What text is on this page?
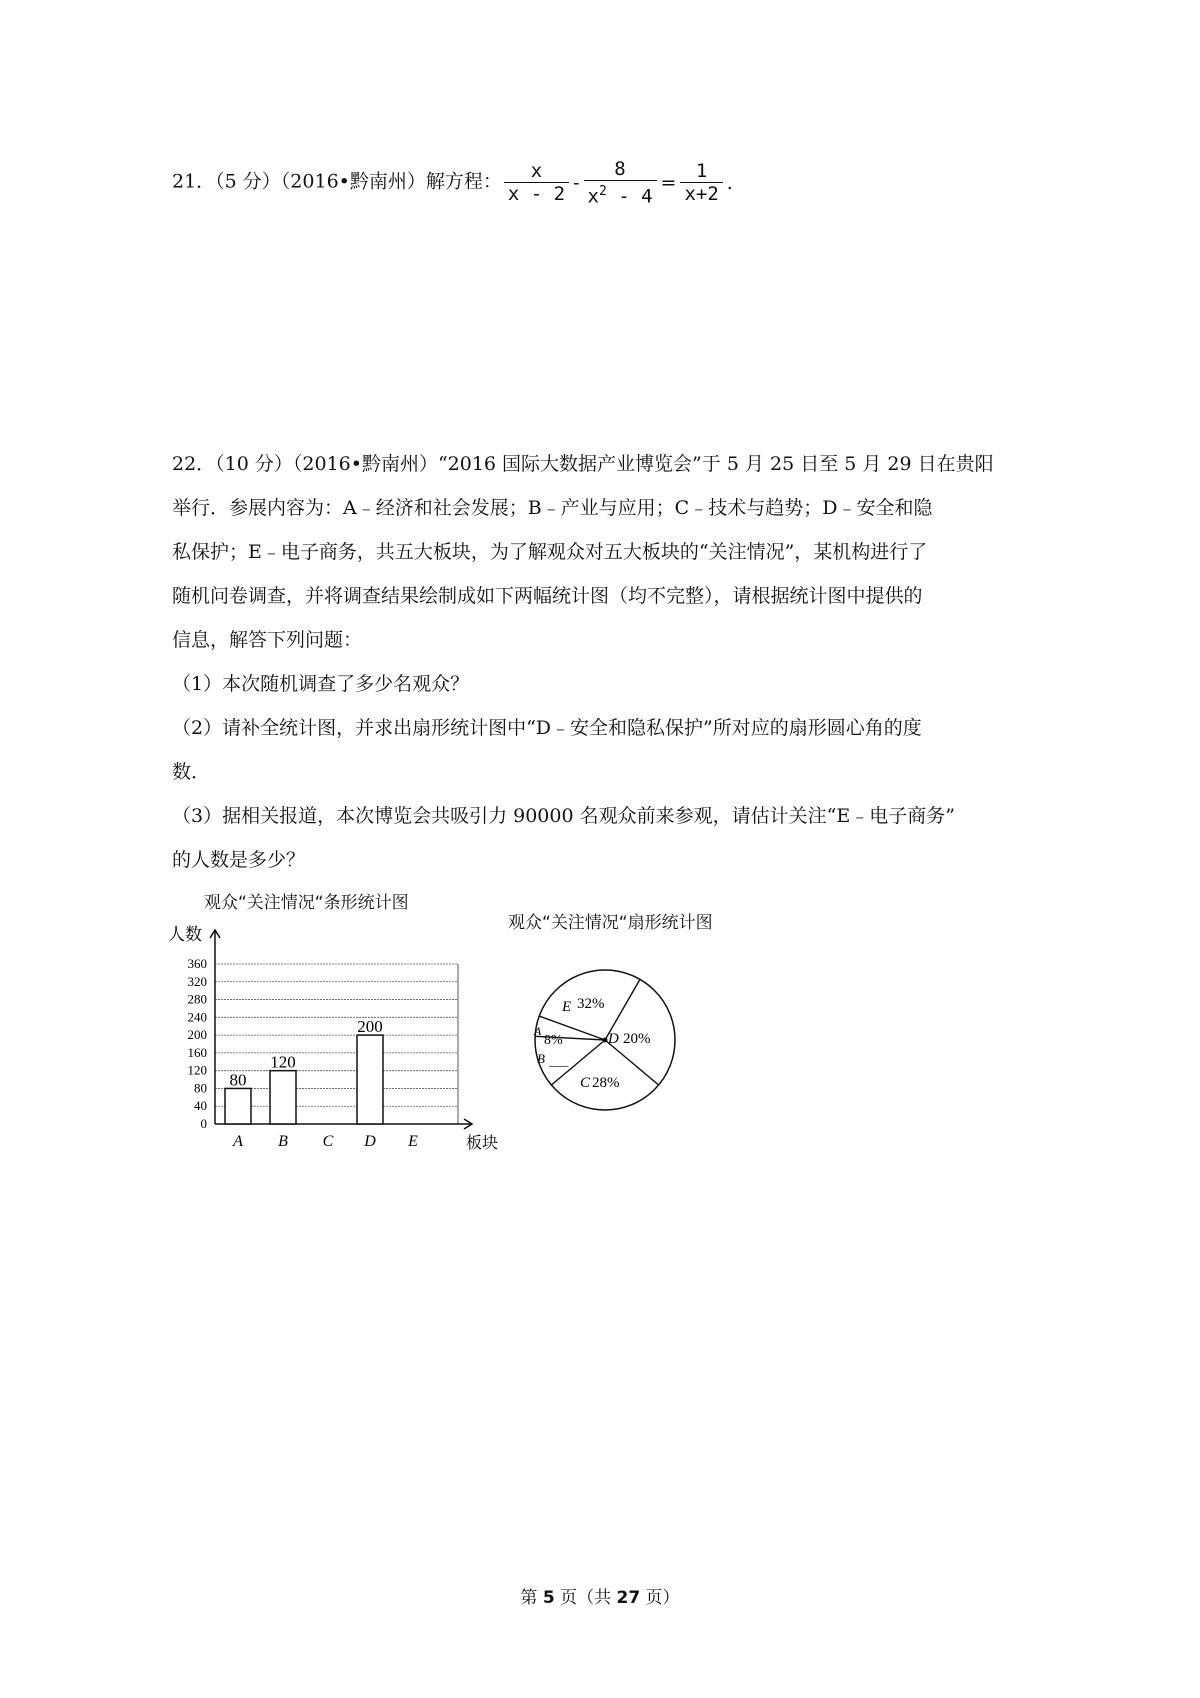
21．（5 分）（2016•黔南州）解方程： $\frac{x}{x - 2} - \frac{8}{x^2 - 4} = \frac{1}{x+2}$ .
22．（10 分）（2016•黔南州）“2016 国际大数据产业博览会”于 5 月 25 日至 5 月 29 日在贵阳
举行．参展内容为：A﹣经济和社会发展；B﹣产业与应用；C﹣技术与趋势；D﹣安全和隐
私保护；E﹣电子商务，共五大板块，为了解观众对五大板块的“关注情况”，某机构进行了
随机问卷调查，并将调查结果绘制成如下两幅统计图（均不完整），请根据统计图中提供的
信息，解答下列问题：
（1）本次随机调查了多少名观众？
（2）请补全统计图，并求出扇形统计图中“D﹣安全和隐私保护”所对应的扇形圆心角的度
数．
（3）据相关报道，本次博览会共吸引力 90000 名观众前来参观，请估计关注“E﹣电子商务”
的人数是多少？
观众“关注情况“条形统计图
0
40
80
120
160
200
240
280
320
360
人数
板块
A
80
B
120
C D
200
E
观众“关注情况“扇形统计图
E 32%
D 20%
C 28%
B ___
A
8%
第 5 页（共 27 页）
